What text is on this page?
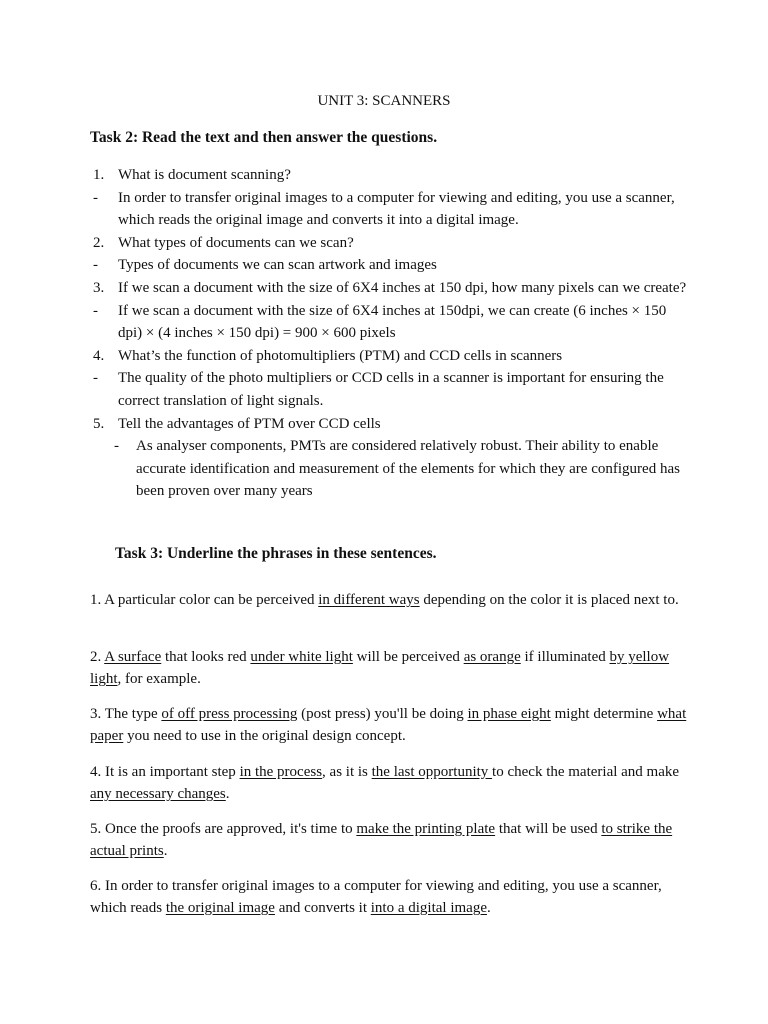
UNIT 3: SCANNERS
Task 2: Read the text and then answer the questions.
1. What is document scanning?
- In order to transfer original images to a computer for viewing and editing, you use a scanner, which reads the original image and converts it into a digital image.
2. What types of documents can we scan?
- Types of documents we can scan artwork and images
3. If we scan a document with the size of 6X4 inches at 150 dpi, how many pixels can we create?
- If we scan a document with the size of 6X4 inches at 150dpi, we can create (6 inches × 150 dpi) × (4 inches × 150 dpi) = 900 × 600 pixels
4. What’s the function of photomultipliers (PTM) and CCD cells in scanners
- The quality of the photo multipliers or CCD cells in a scanner is important for ensuring the correct translation of light signals.
5. Tell the advantages of PTM over CCD cells
- As analyser components, PMTs are considered relatively robust. Their ability to enable accurate identification and measurement of the elements for which they are configured has been proven over many years
Task 3: Underline the phrases in these sentences.

1. A particular color can be perceived in different ways depending on the color it is placed next to.

2. A surface that looks red under white light will be perceived as orange if illuminated by yellow light, for example.

3. The type of off press processing (post press) you'll be doing in phase eight might determine what paper you need to use in the original design concept.

4. It is an important step in the process, as it is the last opportunity to check the material and make any necessary changes.

5. Once the proofs are approved, it's time to make the printing plate that will be used to strike the actual prints.

6. In order to transfer original images to a computer for viewing and editing, you use a scanner, which reads the original image and converts it into a digital image.
